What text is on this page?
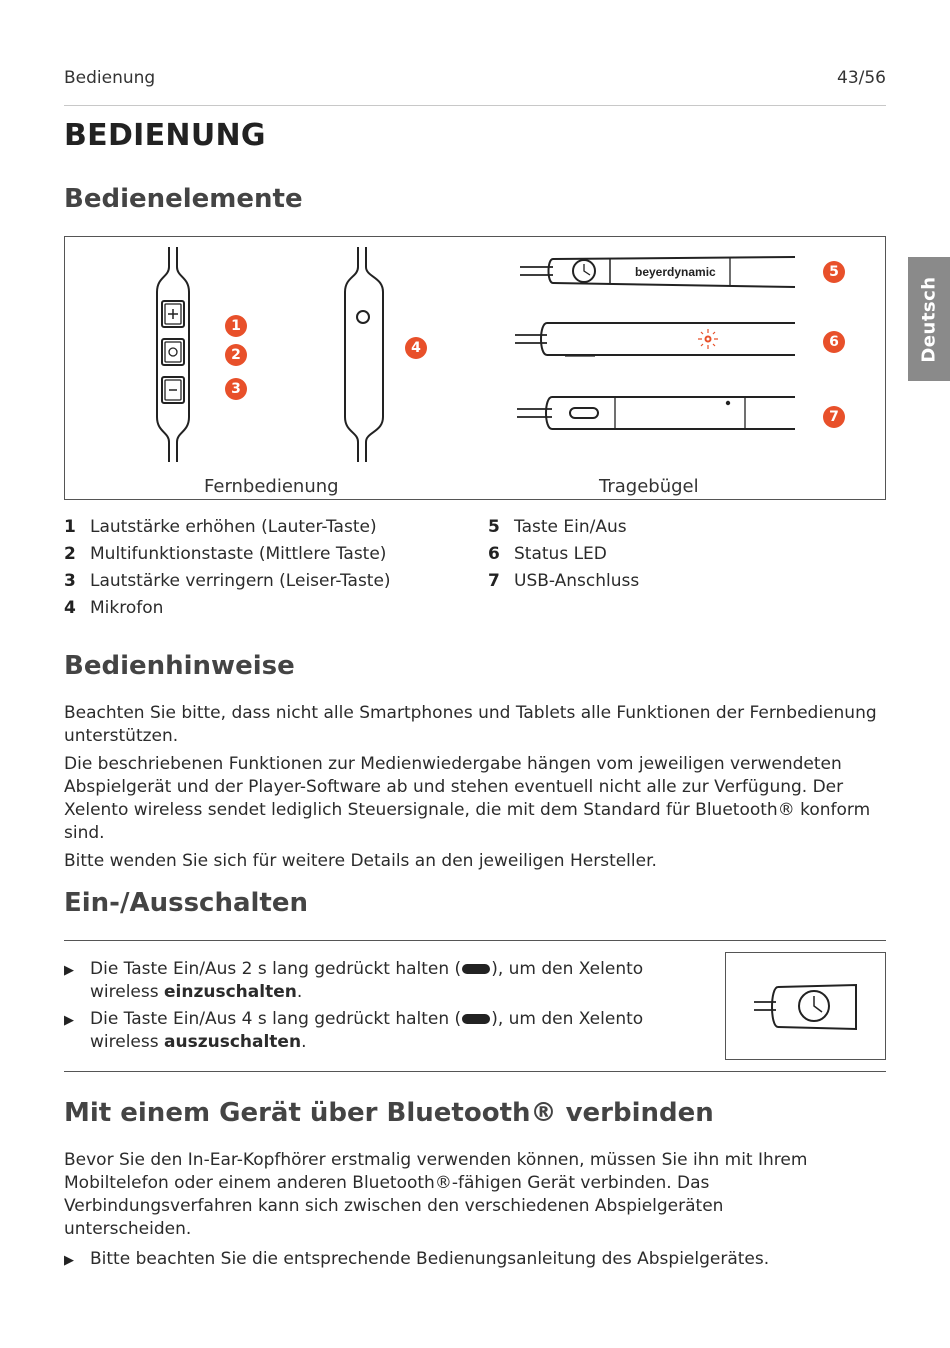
Bedienung	43/56
Deutsch
BEDIENUNG
Bedienelemente
beyerdynamic
1
2
3
4
5
6
7
Fernbedienung	Tragebügel
1 Lautstärke erhöhen (Lauter-Taste)
2 Multifunktionstaste (Mittlere Taste)
3 Lautstärke verringern (Leiser-Taste)
4 Mikrofon
5 Taste Ein/Aus
6 Status LED
7 USB-Anschluss
Bedienhinweise

Beachten Sie bitte, dass nicht alle Smartphones und Tablets alle Funktionen der Fernbedienung unterstützen.

Die beschriebenen Funktionen zur Medienwiedergabe hängen vom jeweiligen verwendeten Abspielgerät und der Player-Software ab und stehen eventuell nicht alle zur Verfügung. Der Xelento wireless sendet lediglich Steuersignale, die mit dem Standard für Bluetooth® konform sind.

Bitte wenden Sie sich für weitere Details an den jeweiligen Hersteller.

Ein-/Ausschalten
▶ Die Taste Ein/Aus 2 s lang gedrückt halten ( ), um den Xelento wireless einzuschalten.
▶ Die Taste Ein/Aus 4 s lang gedrückt halten ( ), um den Xelento wireless auszuschalten.
Mit einem Gerät über Bluetooth® verbinden

Bevor Sie den In-Ear-Kopfhörer erstmalig verwenden können, müssen Sie ihn mit Ihrem Mobiltelefon oder einem anderen Bluetooth®-fähigen Gerät verbinden. Das Verbindungsverfahren kann sich zwischen den verschiedenen Abspielgeräten unterscheiden.

▶ Bitte beachten Sie die entsprechende Bedienungsanleitung des Abspielgerätes.
